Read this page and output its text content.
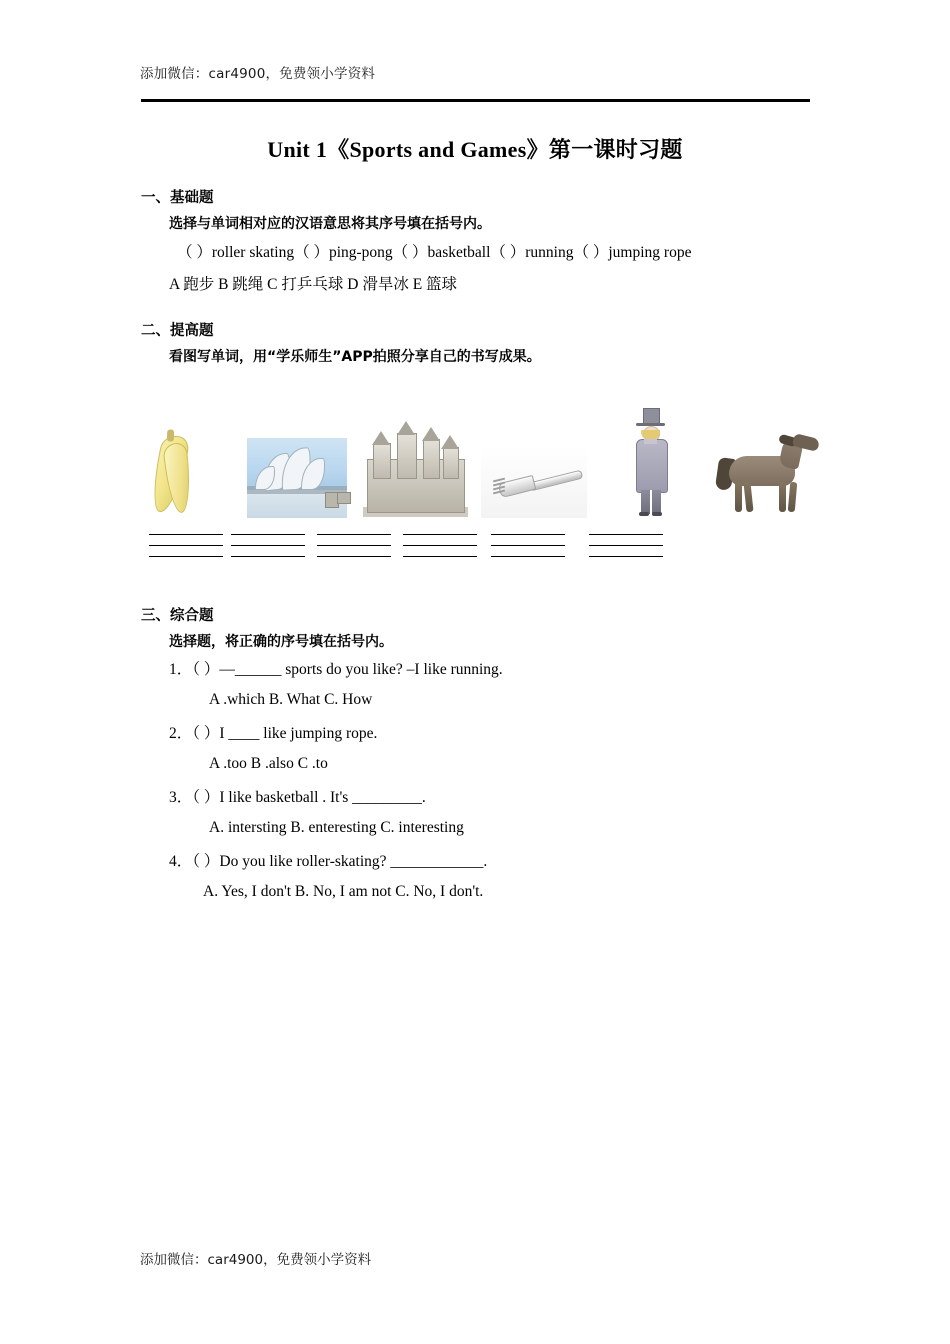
添加微信：car4900，免费领小学资料
Unit 1《Sports and Games》第一课时习题
一、基础题
选择与单词相对应的汉语意思将其序号填在括号内。
（ ）roller skating（ ）ping-pong（ ）basketball（ ）running（ ）jumping rope
A 跑步 B 跳绳 C 打乒乓球 D 滑旱冰 E 篮球
二、提高题
看图写单词，用“学乐师生”APP拍照分享自己的书写成果。
三、综合题
选择题，将正确的序号填在括号内。
1．（ ）—______ sports do you like? –I like running.
A .which B. What C. How
2．（ ）I ____ like jumping rope.
A .too B .also C .to
3．（ ）I like basketball . It's _________.
A. intersting B. enteresting C. interesting
4．（ ）Do you like roller-skating? ____________.
A. Yes, I don't B. No, I am not C. No, I don't.
添加微信：car4900，免费领小学资料
